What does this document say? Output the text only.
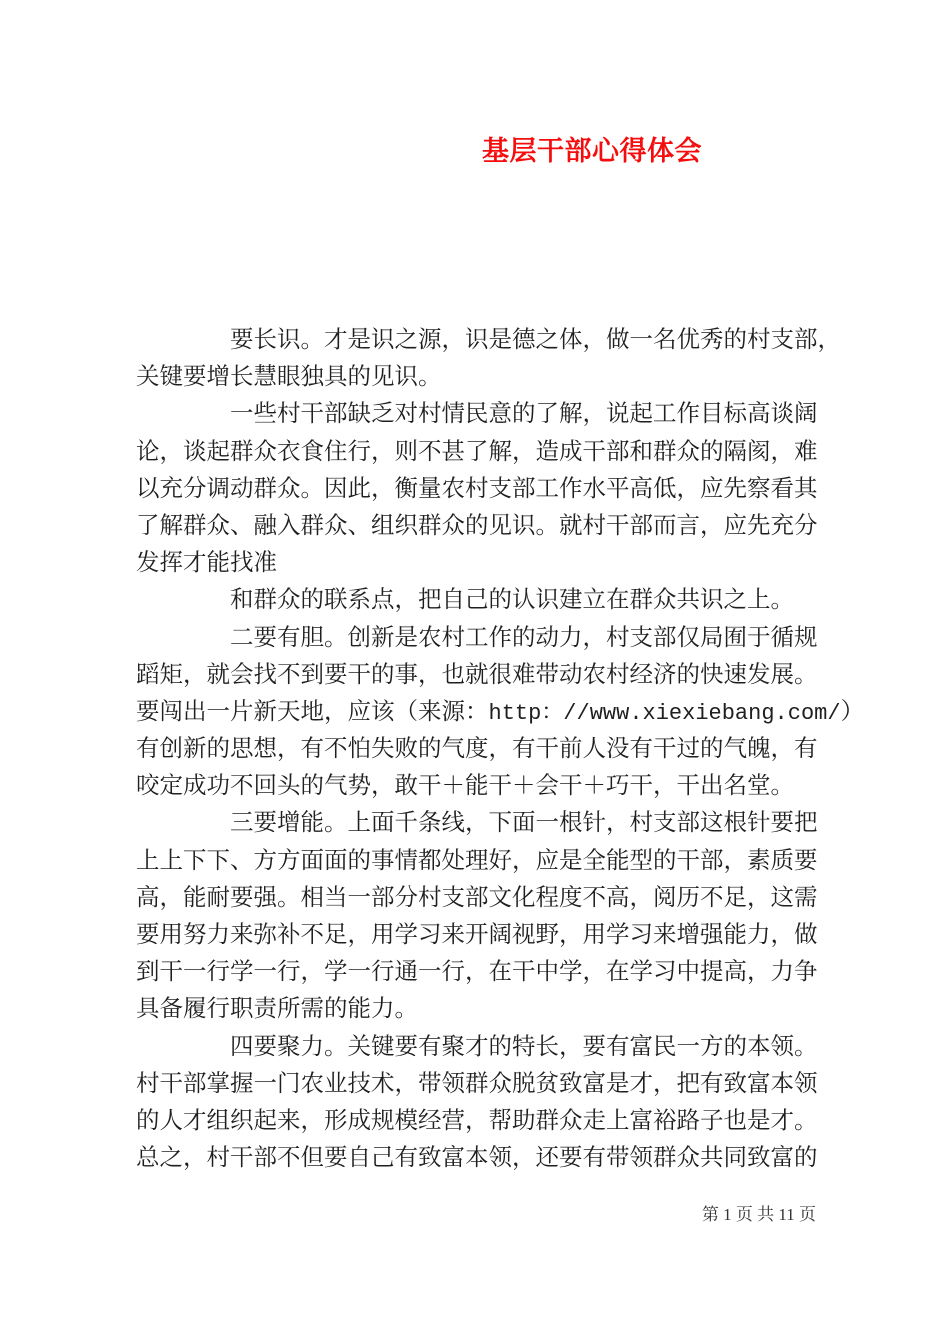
基层干部心得体会
要长识。才是识之源，识是德之体，做一名优秀的村支部，
关键要增长慧眼独具的见识。
一些村干部缺乏对村情民意的了解，说起工作目标高谈阔
论，谈起群众衣食住行，则不甚了解，造成干部和群众的隔阂，难
以充分调动群众。因此，衡量农村支部工作水平高低，应先察看其
了解群众、融入群众、组织群众的见识。就村干部而言，应先充分
发挥才能找准
和群众的联系点，把自己的认识建立在群众共识之上。
二要有胆。创新是农村工作的动力，村支部仅局囿于循规
蹈矩，就会找不到要干的事，也就很难带动农村经济的快速发展。
要闯出一片新天地，应该（来源：http：//www.xiexiebang.com/）
有创新的思想，有不怕失败的气度，有干前人没有干过的气魄，有
咬定成功不回头的气势，敢干＋能干＋会干＋巧干，干出名堂。
三要增能。上面千条线，下面一根针，村支部这根针要把
上上下下、方方面面的事情都处理好，应是全能型的干部，素质要
高，能耐要强。相当一部分村支部文化程度不高，阅历不足，这需
要用努力来弥补不足，用学习来开阔视野，用学习来增强能力，做
到干一行学一行，学一行通一行，在干中学，在学习中提高，力争
具备履行职责所需的能力。
四要聚力。关键要有聚才的特长，要有富民一方的本领。
村干部掌握一门农业技术，带领群众脱贫致富是才，把有致富本领
的人才组织起来，形成规模经营，帮助群众走上富裕路子也是才。
总之，村干部不但要自己有致富本领，还要有带领群众共同致富的
第 1 页 共 11 页
